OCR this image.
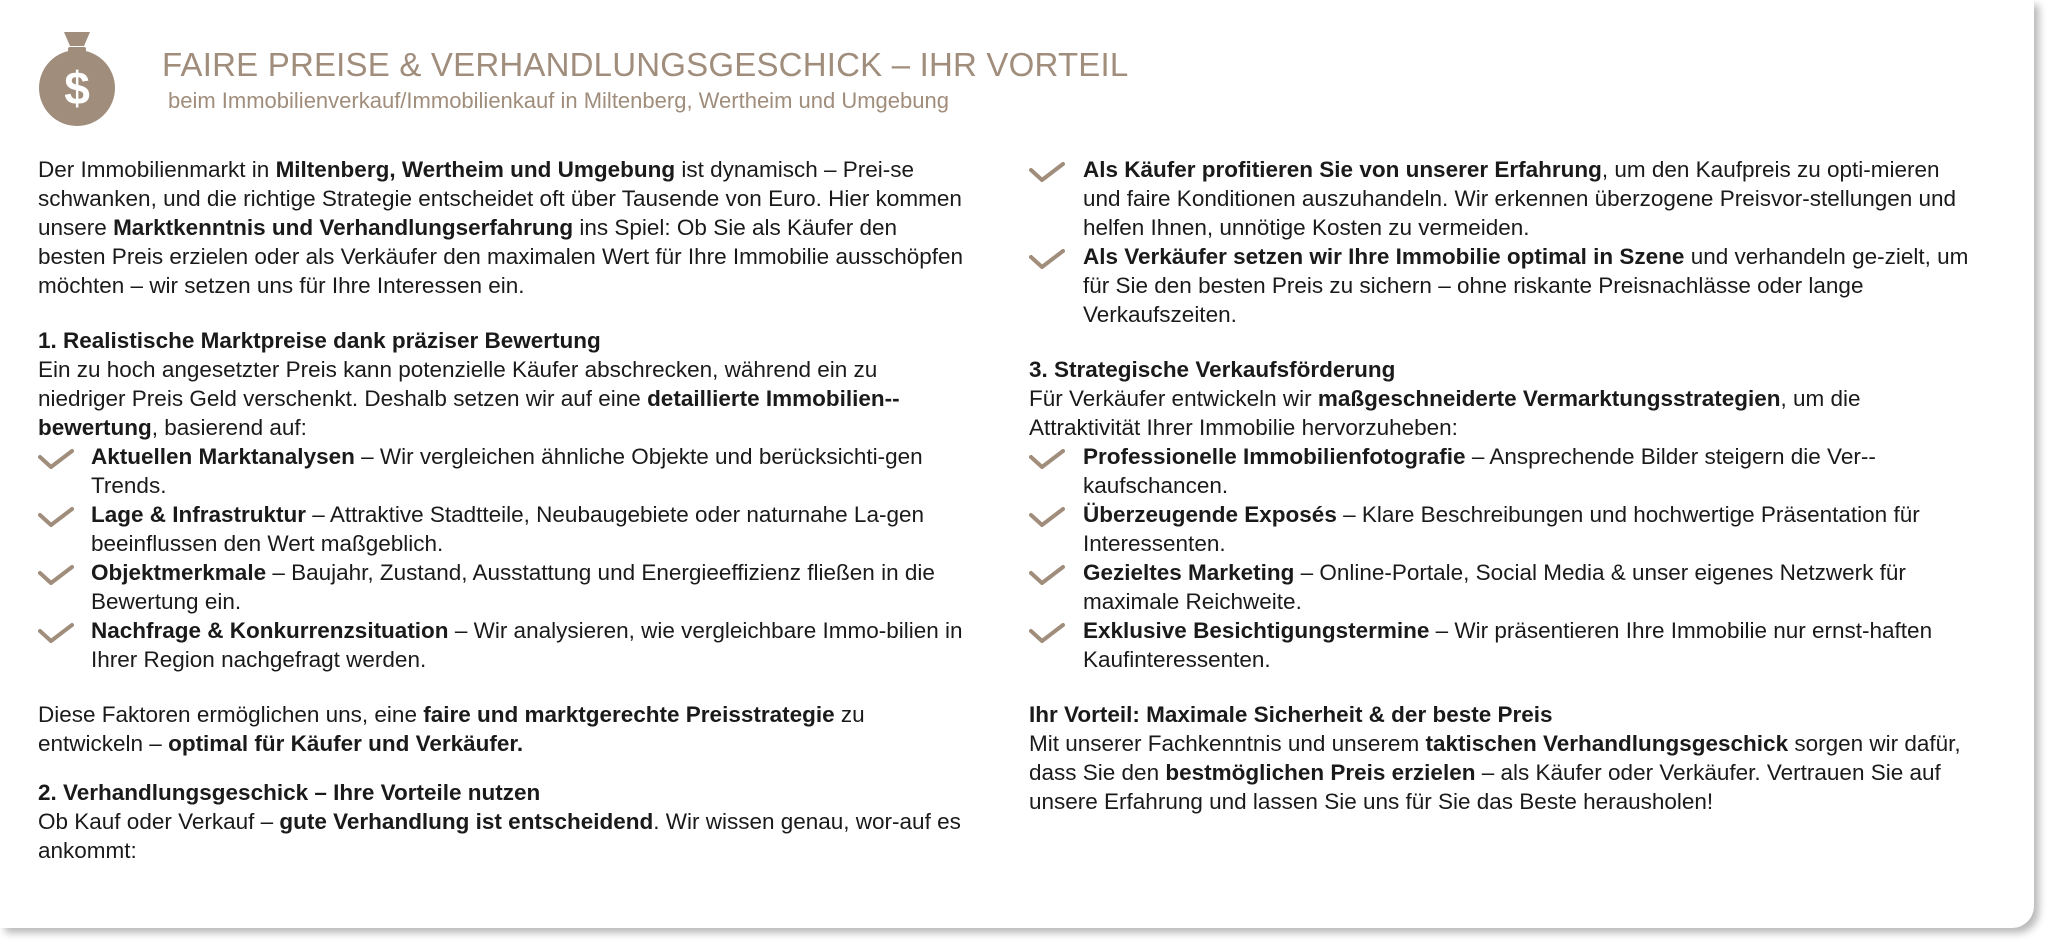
$ FAIRE PREISE & VERHANDLUNGSGESCHICK – IHR VORTEIL
beim Immobilienverkauf/Immobilienkauf in Miltenberg, Wertheim und Umgebung

Der Immobilienmarkt in Miltenberg, Wertheim und Umgebung ist dynamisch – Prei-se schwanken, und die richtige Strategie entscheidet oft über Tausende von Euro. Hier kommen unsere Marktkenntnis und Verhandlungserfahrung ins Spiel: Ob Sie als Käufer den besten Preis erzielen oder als Verkäufer den maximalen Wert für Ihre Immobilie ausschöpfen möchten – wir setzen uns für Ihre Interessen ein.

1. Realistische Marktpreise dank präziser Bewertung

Ein zu hoch angesetzter Preis kann potenzielle Käufer abschrecken, während ein zu niedriger Preis Geld verschenkt. Deshalb setzen wir auf eine detaillierte Immobilien-bewertung, basierend auf:

Aktuellen Marktanalysen – Wir vergleichen ähnliche Objekte und berücksichti-gen Trends.
Lage & Infrastruktur – Attraktive Stadtteile, Neubaugebiete oder naturnahe La-gen beeinflussen den Wert maßgeblich.
Objektmerkmale – Baujahr, Zustand, Ausstattung und Energieeffizienz fließen in die Bewertung ein.
Nachfrage & Konkurrenzsituation – Wir analysieren, wie vergleichbare Immo-bilien in Ihrer Region nachgefragt werden.

Diese Faktoren ermöglichen uns, eine faire und marktgerechte Preisstrategie zu entwickeln – optimal für Käufer und Verkäufer.

2. Verhandlungsgeschick – Ihre Vorteile nutzen

Ob Kauf oder Verkauf – gute Verhandlung ist entscheidend. Wir wissen genau, wor-auf es ankommt:

Als Käufer profitieren Sie von unserer Erfahrung, um den Kaufpreis zu opti-mieren und faire Konditionen auszuhandeln. Wir erkennen überzogene Preisvor-stellungen und helfen Ihnen, unnötige Kosten zu vermeiden.
Als Verkäufer setzen wir Ihre Immobilie optimal in Szene und verhandeln ge-zielt, um für Sie den besten Preis zu sichern – ohne riskante Preisnachlässe oder lange Verkaufszeiten.

3. Strategische Verkaufsförderung

Für Verkäufer entwickeln wir maßgeschneiderte Vermarktungsstrategien, um die Attraktivität Ihrer Immobilie hervorzuheben:

Professionelle Immobilienfotografie – Ansprechende Bilder steigern die Ver-kaufschancen.
Überzeugende Exposés – Klare Beschreibungen und hochwertige Präsentation für Interessenten.
Gezieltes Marketing – Online-Portale, Social Media & unser eigenes Netzwerk für maximale Reichweite.
Exklusive Besichtigungstermine – Wir präsentieren Ihre Immobilie nur ernst-haften Kaufinteressenten.

Ihr Vorteil: Maximale Sicherheit & der beste Preis

Mit unserer Fachkenntnis und unserem taktischen Verhandlungsgeschick sorgen wir dafür, dass Sie den bestmöglichen Preis erzielen – als Käufer oder Verkäufer. Vertrauen Sie auf unsere Erfahrung und lassen Sie uns für Sie das Beste herausholen!
